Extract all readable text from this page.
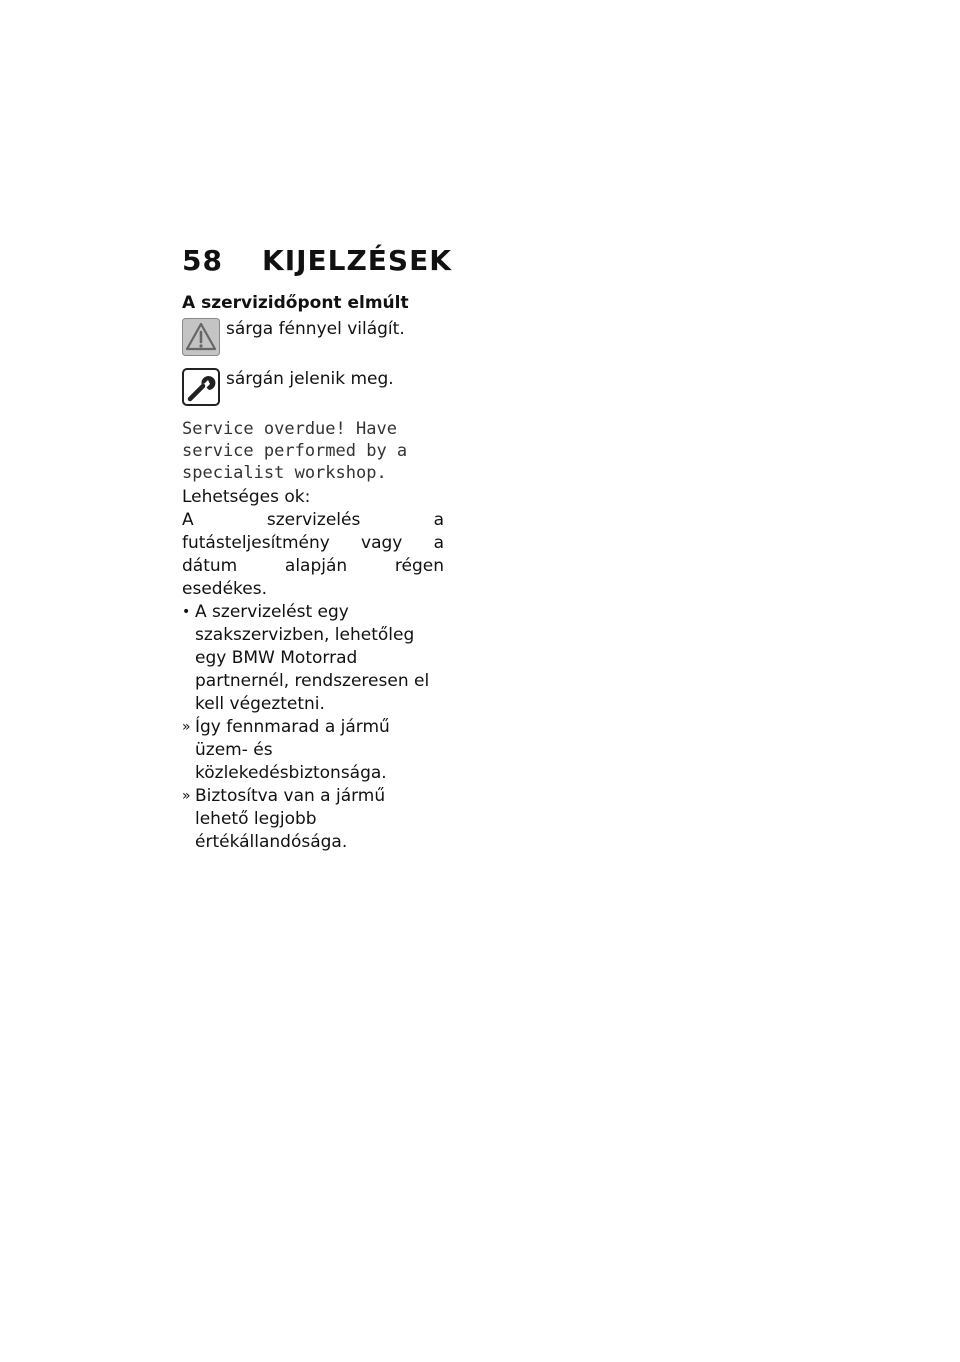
58 KIJELZÉSEK
A szervizidőpont elmúlt
sárga fénnyel világít.
sárgán jelenik meg.
Service overdue! Have service performed by a specialist workshop.

Lehetséges ok:

A szervizelés a futásteljesítmény vagy a dátum alapján régen esedékes.

• A szervizelést egy szakszervizben, lehetőleg egy BMW Motorrad partnernél, rendszeresen el kell végeztetni.
» Így fennmarad a jármű üzem- és közlekedésbiztonsága.
» Biztosítva van a jármű lehető legjobb értékállandósága.
